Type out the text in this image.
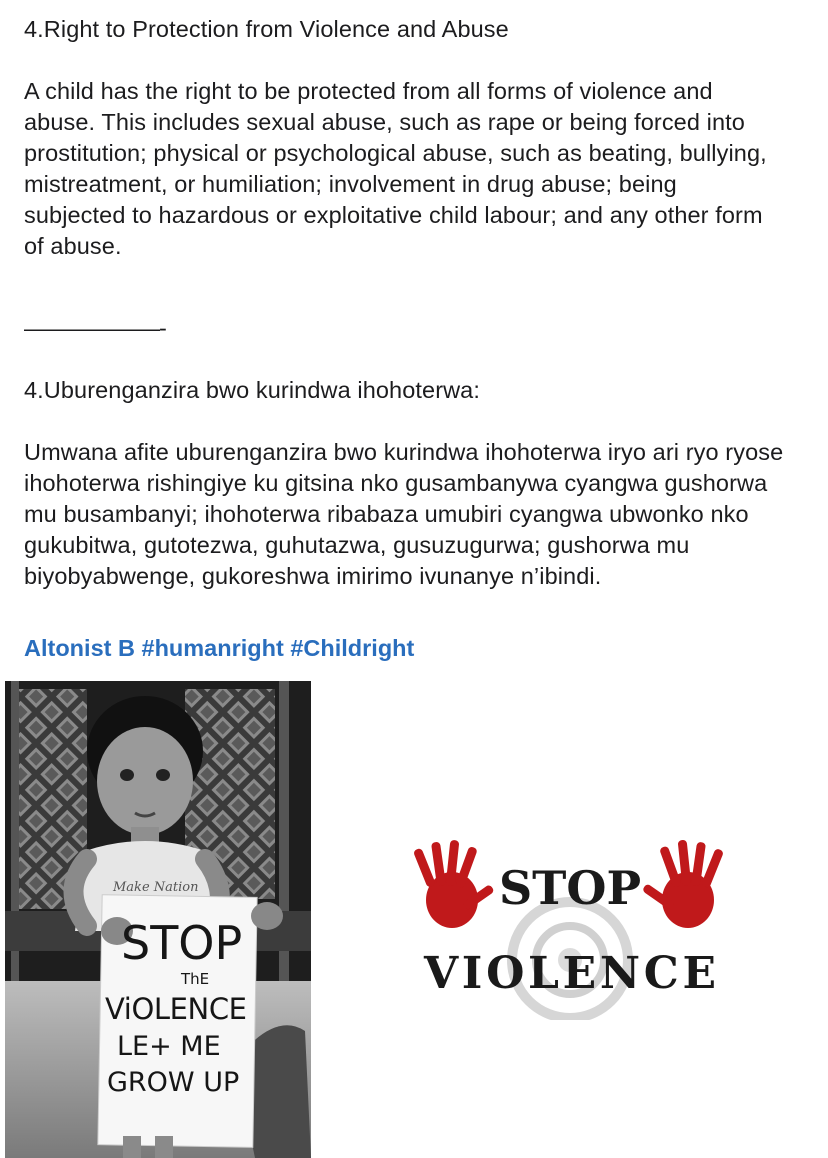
4.Right to Protection from Violence and Abuse

A child has the right to be protected from all forms of violence and abuse. This includes sexual abuse, such as rape or being forced into prostitution; physical or psychological abuse, such as beating, bullying, mistreatment, or humiliation; involvement in drug abuse; being subjected to hazardous or exploitative child labour; and any other form of abuse.

——————-

4.Uburenganzira bwo kurindwa ihohoterwa:

Umwana afite uburenganzira bwo kurindwa ihohoterwa iryo ari ryo ryose ihohoterwa rishingiye ku gitsina nko gusambanywa cyangwa gushorwa mu busambanyi; ihohoterwa ribabaza umubiri cyangwa ubwonko nko gukubitwa, gutotezwa, guhutazwa, gusuzugurwa; gushorwa mu biyobyabwenge, gukoreshwa imirimo ivunanye n’ibindi.

Altonist B #humanright #Childright
Make Nation
STOP
ThE
ViOLENCE
LE+ ME
GROW UP
STOP
VIOLENCE
